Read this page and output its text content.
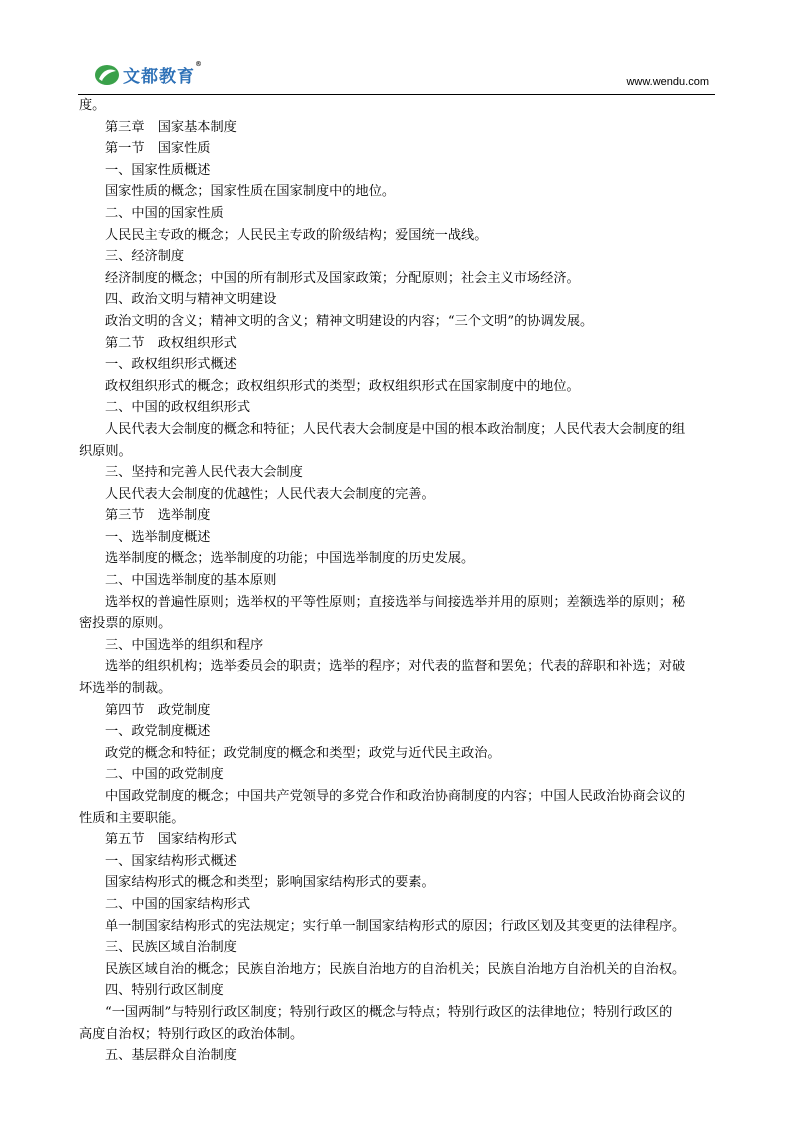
文都教育
®
www.wendu.com
度。
第三章　国家基本制度
第一节　国家性质
一、国家性质概述
国家性质的概念；国家性质在国家制度中的地位。
二、中国的国家性质
人民民主专政的概念；人民民主专政的阶级结构；爱国统一战线。
三、经济制度
经济制度的概念；中国的所有制形式及国家政策；分配原则；社会主义市场经济。
四、政治文明与精神文明建设
政治文明的含义；精神文明的含义；精神文明建设的内容；“三个文明”的协调发展。
第二节　政权组织形式
一、政权组织形式概述
政权组织形式的概念；政权组织形式的类型；政权组织形式在国家制度中的地位。
二、中国的政权组织形式
人民代表大会制度的概念和特征；人民代表大会制度是中国的根本政治制度；人民代表大会制度的组
织原则。
三、坚持和完善人民代表大会制度
人民代表大会制度的优越性；人民代表大会制度的完善。
第三节　选举制度
一、选举制度概述
选举制度的概念；选举制度的功能；中国选举制度的历史发展。
二、中国选举制度的基本原则
选举权的普遍性原则；选举权的平等性原则；直接选举与间接选举并用的原则；差额选举的原则；秘
密投票的原则。
三、中国选举的组织和程序
选举的组织机构；选举委员会的职责；选举的程序；对代表的监督和罢免；代表的辞职和补选；对破
坏选举的制裁。
第四节　政党制度
一、政党制度概述
政党的概念和特征；政党制度的概念和类型；政党与近代民主政治。
二、中国的政党制度
中国政党制度的概念；中国共产党领导的多党合作和政治协商制度的内容；中国人民政治协商会议的
性质和主要职能。
第五节　国家结构形式
一、国家结构形式概述
国家结构形式的概念和类型；影响国家结构形式的要素。
二、中国的国家结构形式
单一制国家结构形式的宪法规定；实行单一制国家结构形式的原因；行政区划及其变更的法律程序。
三、民族区域自治制度
民族区域自治的概念；民族自治地方；民族自治地方的自治机关；民族自治地方自治机关的自治权。
四、特别行政区制度
“一国两制”与特别行政区制度；特别行政区的概念与特点；特别行政区的法律地位；特别行政区的
高度自治权；特别行政区的政治体制。
五、基层群众自治制度
